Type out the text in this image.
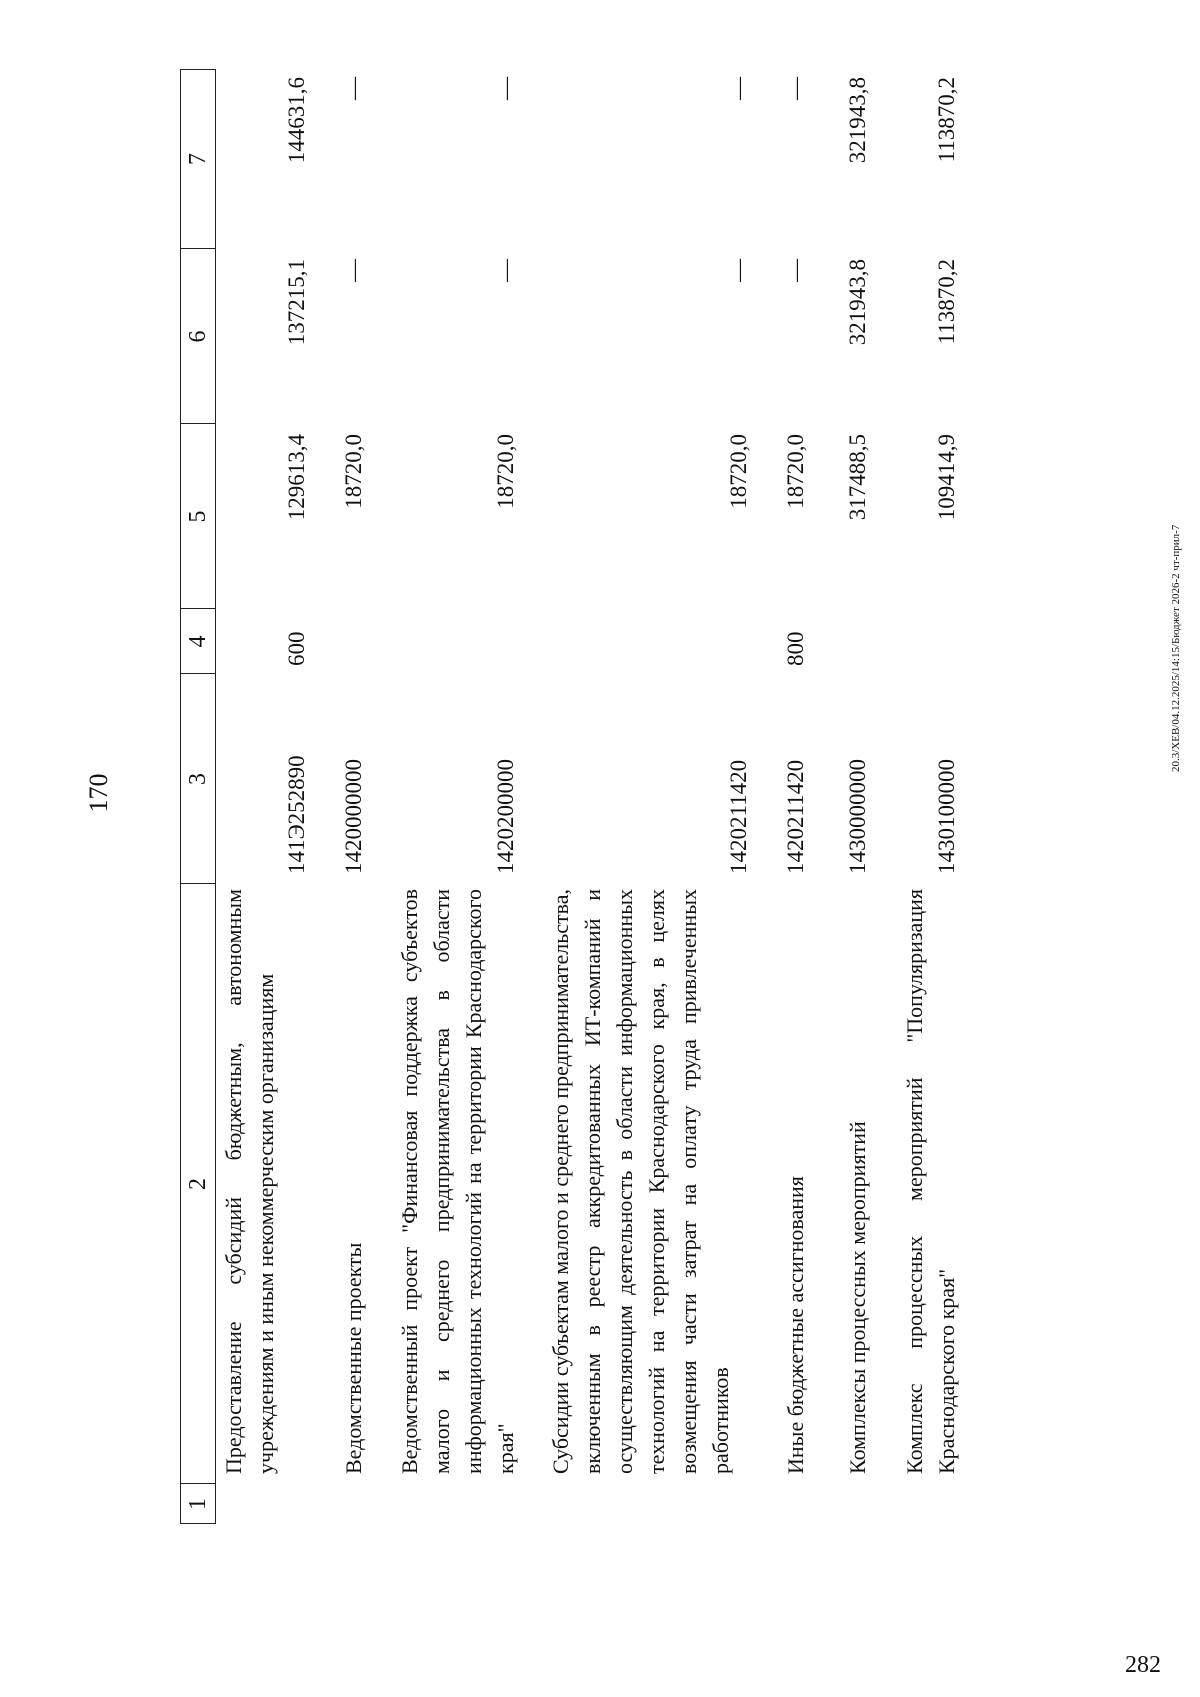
170
282
20.3/ХЕВ/04.12.2025/14:15/Бюджет 2026-2 чт-прил-7
1
2
3
4
5
6
7
Предоставление субсидий бюджетным, автономным учреждениям и иным некоммерческим организациям
141Э252890
600
129613,4
137215,1
144631,6
Ведомственные проекты
1420000000
18720,0
—
—
Ведомственный проект "Финансовая поддержка субъектов малого и среднего предпринимательства в области информационных технологий на территории Краснодарского края"
1420200000
18720,0
—
—
Субсидии субъектам малого и среднего предпринимательства, включенным в реестр аккредитованных ИТ-компаний и осуществляющим деятельность в области информационных технологий на территории Краснодарского края, в целях возмещения части затрат на оплату труда привлеченных работников
1420211420
18720,0
—
—
Иные бюджетные ассигнования
1420211420
800
18720,0
—
—
Комплексы процессных мероприятий
1430000000
317488,5
321943,8
321943,8
Комплекс процессных мероприятий "Популяризация Краснодарского края"
1430100000
109414,9
113870,2
113870,2
